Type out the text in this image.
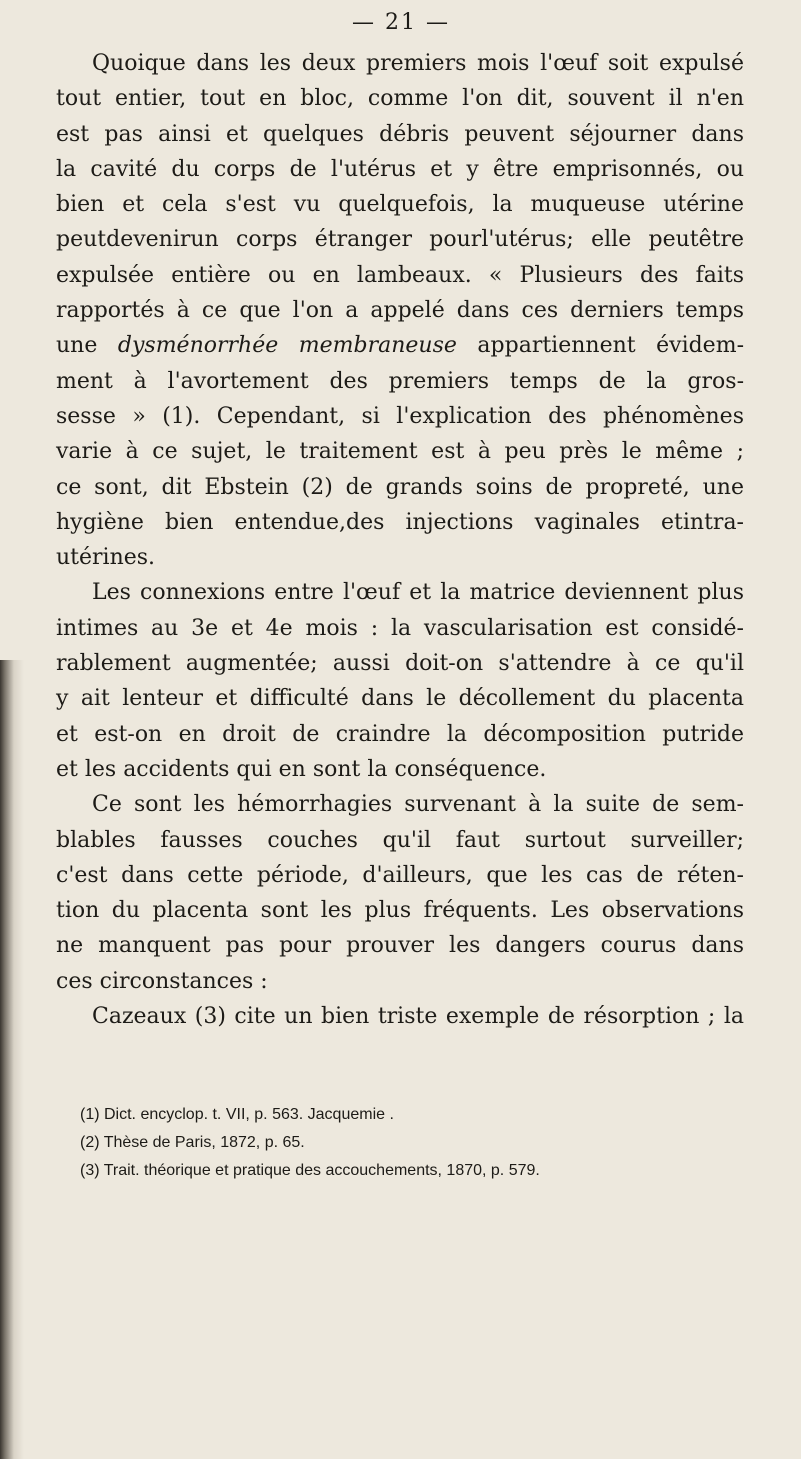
— 21 —
Quoique dans les deux premiers mois l'œuf soit expulsé
tout entier, tout en bloc, comme l'on dit, souvent il n'en
est pas ainsi et quelques débris peuvent séjourner dans
la cavité du corps de l'utérus et y être emprisonnés, ou
bien et cela s'est vu quelquefois, la muqueuse utérine
peutdevenirun corps étranger pourl'utérus; elle peutêtre
expulsée entière ou en lambeaux. « Plusieurs des faits
rapportés à ce que l'on a appelé dans ces derniers temps
une dysménorrhée membraneuse appartiennent évidem-
ment à l'avortement des premiers temps de la gros-
sesse » (1). Cependant, si l'explication des phénomènes
varie à ce sujet, le traitement est à peu près le même ;
ce sont, dit Ebstein (2) de grands soins de propreté, une
hygiène bien entendue,des injections vaginales etintra-
utérines.
Les connexions entre l'œuf et la matrice deviennent plus
intimes au 3e et 4e mois : la vascularisation est considé-
rablement augmentée; aussi doit-on s'attendre à ce qu'il
y ait lenteur et difficulté dans le décollement du placenta
et est-on en droit de craindre la décomposition putride
et les accidents qui en sont la conséquence.
Ce sont les hémorrhagies survenant à la suite de sem-
blables fausses couches qu'il faut surtout surveiller;
c'est dans cette période, d'ailleurs, que les cas de réten-
tion du placenta sont les plus fréquents. Les observations
ne manquent pas pour prouver les dangers courus dans
ces circonstances :
Cazeaux (3) cite un bien triste exemple de résorption ; la
(1) Dict. encyclop. t. VII, p. 563. Jacquemie .
(2) Thèse de Paris, 1872, p. 65.
(3) Trait. théorique et pratique des accouchements, 1870, p. 579.
